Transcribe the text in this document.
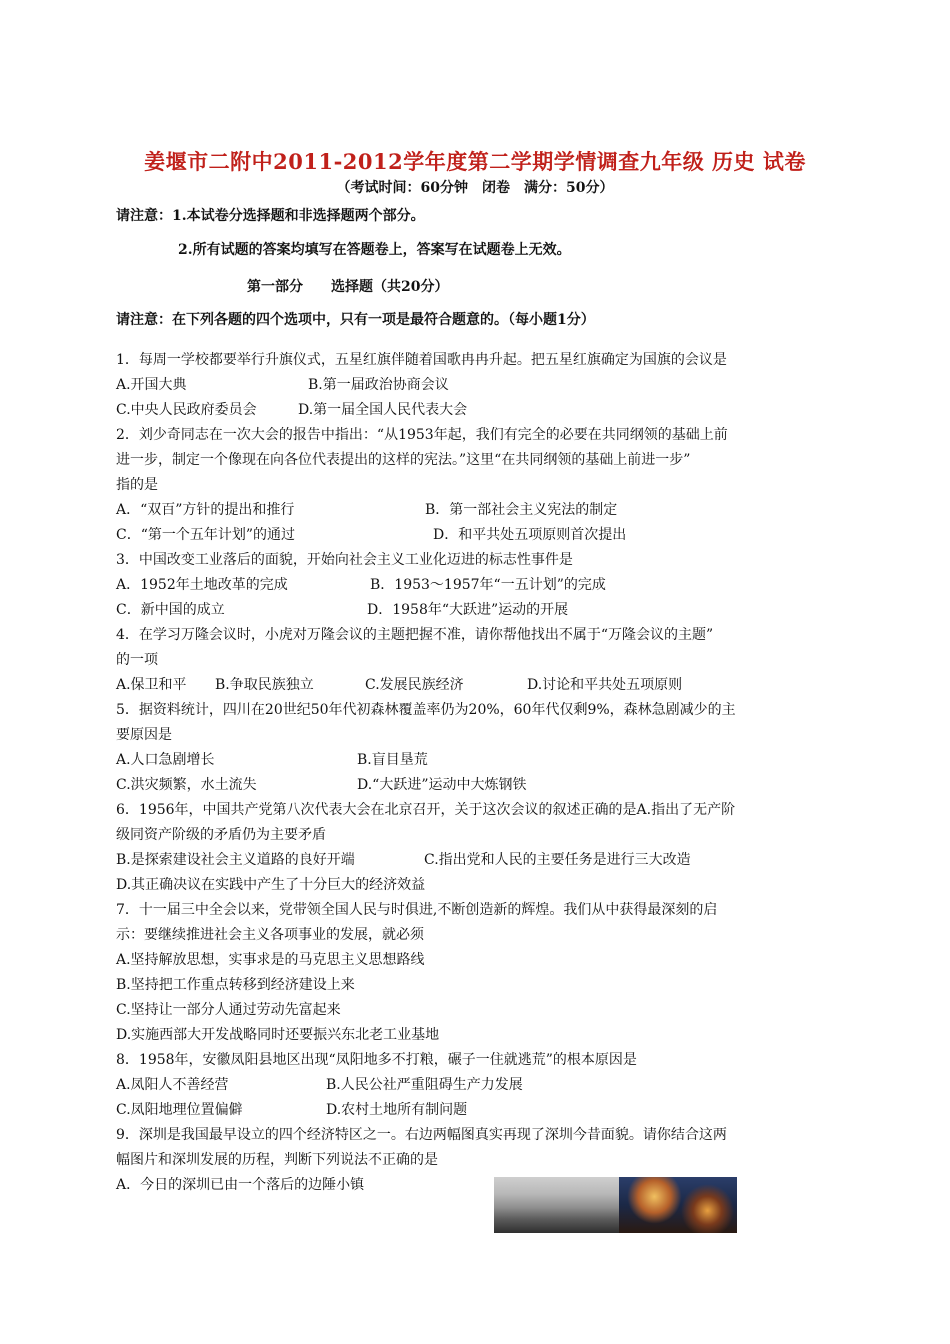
姜堰市二附中2011-2012学年度第二学期学情调查九年级 历史 试卷
（考试时间：60分钟　闭卷　满分：50分）
请注意：1.本试卷分选择题和非选择题两个部分。
2.所有试题的答案均填写在答题卷上，答案写在试题卷上无效。
第一部分　　选择题（共20分）
请注意：在下列各题的四个选项中，只有一项是最符合题意的。（每小题1分）
1．每周一学校都要举行升旗仪式，五星红旗伴随着国歌冉冉升起。把五星红旗确定为国旗的会议是
A.开国大典	B.第一届政治协商会议
C.中央人民政府委员会	D.第一届全国人民代表大会
2．刘少奇同志在一次大会的报告中指出：“从1953年起，我们有完全的必要在共同纲领的基础上前
进一步，制定一个像现在向各位代表提出的这样的宪法。”这里“在共同纲领的基础上前进一步”
指的是
A．“双百”方针的提出和推行	B．第一部社会主义宪法的制定
C．“第一个五年计划”的通过	D．和平共处五项原则首次提出
3．中国改变工业落后的面貌，开始向社会主义工业化迈进的标志性事件是
A．1952年土地改革的完成	B．1953～1957年“一五计划”的完成
C．新中国的成立	D．1958年“大跃进”运动的开展
4．在学习万隆会议时，小虎对万隆会议的主题把握不准，请你帮他找出不属于“万隆会议的主题”
的一项
A.保卫和平 B.争取民族独立	C.发展民族经济	D.讨论和平共处五项原则
5．据资料统计，四川在20世纪50年代初森林覆盖率仍为20%，60年代仅剩9%，森林急剧减少的主
要原因是
A.人口急剧增长	B.盲目垦荒
C.洪灾频繁，水土流失	D.“大跃进”运动中大炼钢铁
6．1956年，中国共产党第八次代表大会在北京召开，关于这次会议的叙述正确的是A.指出了无产阶
级同资产阶级的矛盾仍为主要矛盾
B.是探索建设社会主义道路的良好开端	C.指出党和人民的主要任务是进行三大改造
D.其正确决议在实践中产生了十分巨大的经济效益
7．十一届三中全会以来，党带领全国人民与时俱进,不断创造新的辉煌。我们从中获得最深刻的启
示：要继续推进社会主义各项事业的发展，就必须
A.坚持解放思想，实事求是的马克思主义思想路线
B.坚持把工作重点转移到经济建设上来
C.坚持让一部分人通过劳动先富起来
D.实施西部大开发战略同时还要振兴东北老工业基地
8．1958年，安徽凤阳县地区出现“凤阳地多不打粮，碾子一住就逃荒”的根本原因是
A.凤阳人不善经营	B.人民公社严重阻碍生产力发展
C.凤阳地理位置偏僻	D.农村土地所有制问题
9．深圳是我国最早设立的四个经济特区之一。右边两幅图真实再现了深圳今昔面貌。请你结合这两
幅图片和深圳发展的历程，判断下列说法不正确的是
A．今日的深圳已由一个落后的边陲小镇
